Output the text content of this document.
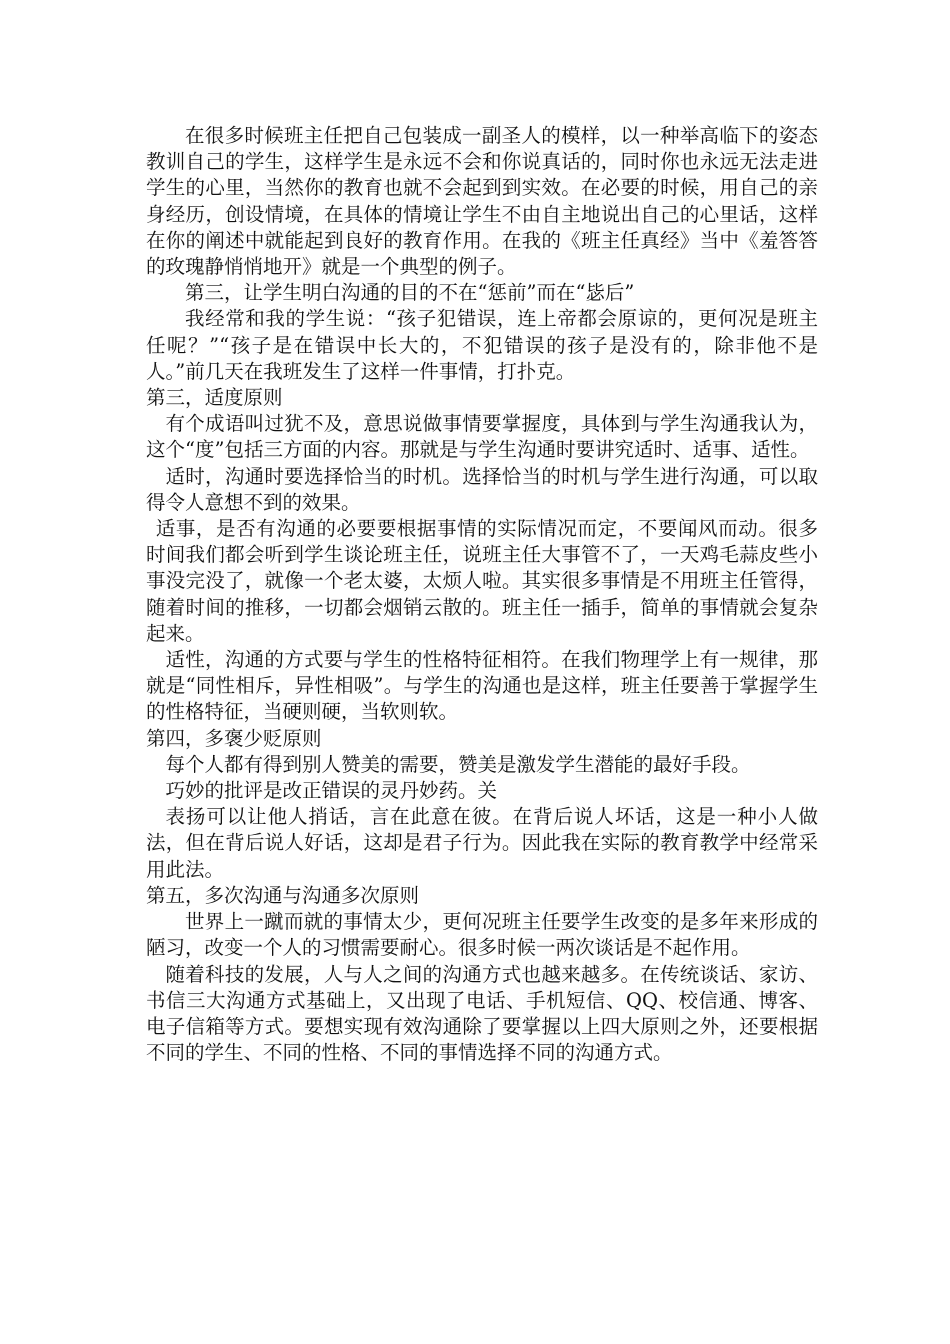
在很多时候班主任把自己包装成一副圣人的模样，以一种举高临下的姿态教训自己的学生，这样学生是永远不会和你说真话的，同时你也永远无法走进学生的心里，当然你的教育也就不会起到到实效。在必要的时候，用自己的亲身经历，创设情境，在具体的情境让学生不由自主地说出自己的心里话，这样在你的阐述中就能起到良好的教育作用。在我的《班主任真经》当中《羞答答的玫瑰静悄悄地开》就是一个典型的例子。

第三，让学生明白沟通的目的不在“惩前”而在“毖后”

我经常和我的学生说：“孩子犯错误，连上帝都会原谅的，更何况是班主任呢？”“孩子是在错误中长大的，不犯错误的孩子是没有的，除非他不是人。”前几天在我班发生了这样一件事情，打扑克。

第三，适度原则

有个成语叫过犹不及，意思说做事情要掌握度，具体到与学生沟通我认为，这个“度”包括三方面的内容。那就是与学生沟通时要讲究适时、适事、适性。

适时，沟通时要选择恰当的时机。选择恰当的时机与学生进行沟通，可以取得令人意想不到的效果。

适事，是否有沟通的必要要根据事情的实际情况而定，不要闻风而动。很多时间我们都会听到学生谈论班主任，说班主任大事管不了，一天鸡毛蒜皮些小事没完没了，就像一个老太婆，太烦人啦。其实很多事情是不用班主任管得，随着时间的推移，一切都会烟销云散的。班主任一插手，简单的事情就会复杂起来。

适性，沟通的方式要与学生的性格特征相符。在我们物理学上有一规律，那就是“同性相斥，异性相吸”。与学生的沟通也是这样，班主任要善于掌握学生的性格特征，当硬则硬，当软则软。

第四，多褒少贬原则

每个人都有得到别人赞美的需要，赞美是激发学生潜能的最好手段。

巧妙的批评是改正错误的灵丹妙药。关

表扬可以让他人捎话，言在此意在彼。在背后说人坏话，这是一种小人做法，但在背后说人好话，这却是君子行为。因此我在实际的教育教学中经常采用此法。

第五，多次沟通与沟通多次原则

世界上一蹴而就的事情太少，更何况班主任要学生改变的是多年来形成的陋习，改变一个人的习惯需要耐心。很多时候一两次谈话是不起作用。

随着科技的发展，人与人之间的沟通方式也越来越多。在传统谈话、家访、书信三大沟通方式基础上，又出现了电话、手机短信、QQ、校信通、博客、电子信箱等方式。要想实现有效沟通除了要掌握以上四大原则之外，还要根据不同的学生、不同的性格、不同的事情选择不同的沟通方式。
